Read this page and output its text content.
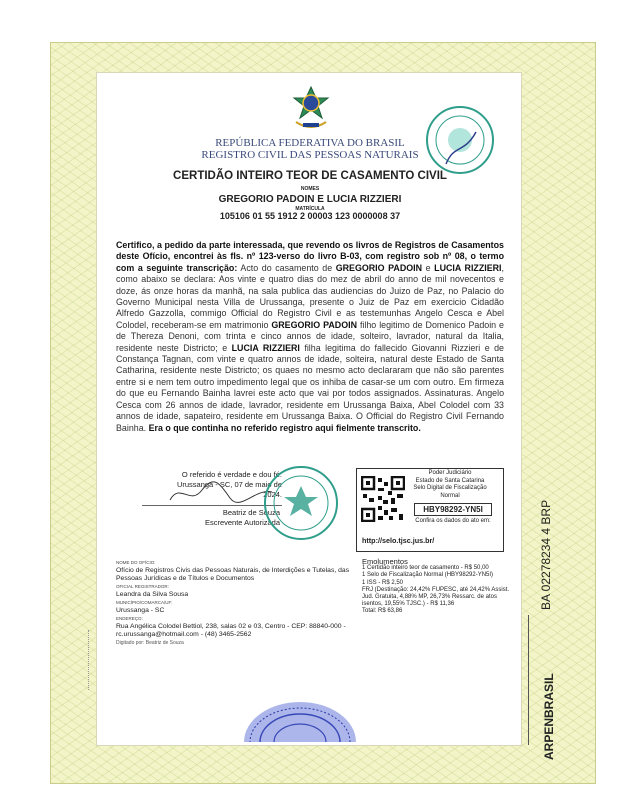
REPÚBLICA FEDERATIVA DO BRASIL
REGISTRO CIVIL DAS PESSOAS NATURAIS
CERTIDÃO INTEIRO TEOR DE CASAMENTO CIVIL
NOMES
GREGORIO PADOIN E LUCIA RIZZIERI
MATRÍCULA
105106 01 55 1912 2 00003 123 0000008 37
Certifico, a pedido da parte interessada, que revendo os livros de Registros de Casamentos deste Ofício, encontrei às fls. nº 123-verso do livro B-03, com registro sob nº 08, o termo com a seguinte transcrição: Acto do casamento de GREGORIO PADOIN e LUCIA RIZZIERI, como abaixo se declara: Aos vinte e quatro dias do mez de abril do anno de mil novecentos e doze, ás onze horas da manhã, na sala publica das audiencias do Juizo de Paz, no Palacio do Governo Municipal nesta Villa de Urussanga, presente o Juiz de Paz em exercicio Cidadão Alfredo Gazzolla, commigo Official do Registro Civil e as testemunhas Angelo Cesca e Abel Colodel, receberam-se em matrimonio GREGORIO PADOIN filho legitimo de Domenico Padoin e de Thereza Denoni, com trinta e cinco annos de idade, solteiro, lavrador, natural da Italia, residente neste Districto; e LUCIA RIZZIERI filha legitima do fallecido Giovanni Rizzieri e de Constança Tagnan, com vinte e quatro annos de idade, solteira, natural deste Estado de Santa Catharina, residente neste Districto; os quaes no mesmo acto declararam que não são parentes entre si e nem tem outro impedimento legal que os inhiba de casar-se um com outro. Em firmeza do que eu Fernando Bainha lavrei este acto que vai por todos assignados. Assinaturas. Angelo Cesca com 26 annos de idade, lavrador, residente em Urussanga Baixa, Abel Colodel com 33 annos de idade, sapateiro, residente em Urussanga Baixa. O Official do Registro Civil Fernando Bainha. Era o que continha no referido registro aqui fielmente transcrito.
O referido é verdade e dou fé.
Urussanga - SC, 07 de maio de 2024.
Beatriz de Souza
Escrevente Autorizada
Poder Judiciário
Estado de Santa Catarina
Selo Digital de Fiscalização
Normal
HBY98292-YN5I
Confira os dados do ato em:
http://selo.tjsc.jus.br/
NOME DO OFÍCIO:
Ofício de Registros Civis das Pessoas Naturais, de Interdições e Tutelas, das Pessoas Jurídicas e de Títulos e Documentos
OFICIAL REGISTRADOR:
Leandra da Silva Sousa
MUNICÍPIO/COMARCA/UF:
Urussanga - SC
ENDEREÇO:
Rua Angélica Colodel Bettiol, 238, salas 02 e 03, Centro - CEP: 88840-000 - rc.urussanga@hotmail.com - (48) 3465-2562
Digitado por: Beatriz de Souza
Emolumentos
1 Certidão inteiro teor de casamento - R$ 50,00
1 Selo de Fiscalização Normal (HBY98292-YN5I)
1 ISS - R$ 2,50
FRJ (Destinação: 24,42% FUPESC, até 24,42% Assist. Jud. Gratuita, 4,88% MP, 26,73% Ressarc. de atos isentos, 19,55% TJSC.) - R$ 11,36
Total: R$ 63,86
BA 02278234 4 BRP
ARPENBRASIL
